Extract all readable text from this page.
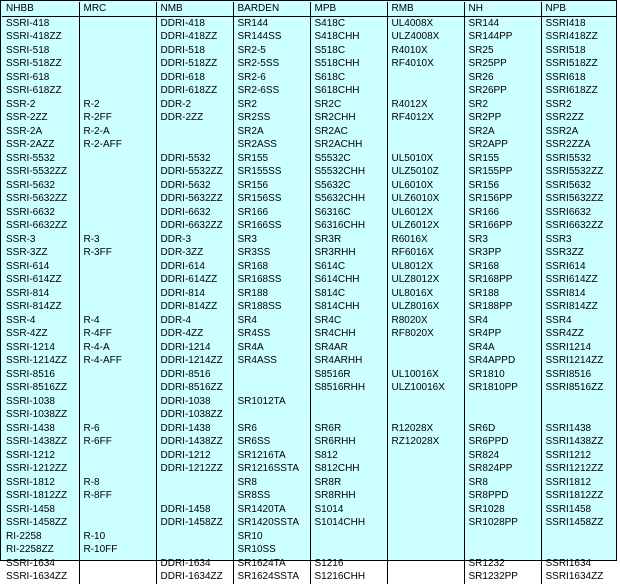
NHBB	MRC	NMB	BARDEN	MPB	RMB	NH	NPB
SSRI-418		DDRI-418	SR144	S418C	UL4008X	SR144	SSRI418
SSRI-418ZZ		DDRI-418ZZ	SR144SS	S418CHH	ULZ4008X	SR144PP	SSRI418ZZ
SSRI-518		DDRI-518	SR2-5	S518C	R4010X	SR25	SSRI518
SSRI-518ZZ		DDRI-518ZZ	SR2-5SS	S518CHH	RF4010X	SR25PP	SSRI518ZZ
SSRI-618		DDRI-618	SR2-6	S618C		SR26	SSRI618
SSRI-618ZZ		DDRI-618ZZ	SR2-6SS	S618CHH		SR26PP	SSRI618ZZ
SSR-2	R-2	DDR-2	SR2	SR2C	R4012X	SR2	SSR2
SSR-2ZZ	R-2FF	DDR-2ZZ	SR2SS	SR2CHH	RF4012X	SR2PP	SSR2ZZ
SSR-2A	R-2-A		SR2A	SR2AC		SR2A	SSR2A
SSR-2AZZ	R-2-AFF		SR2ASS	SR2ACHH		SR2APP	SSR2ZZA
SSRI-5532		DDRI-5532	SR155	S5532C	UL5010X	SR155	SSRI5532
SSRI-5532ZZ		DDRI-5532ZZ	SR155SS	S5532CHH	ULZ5010Z	SR155PP	SSRI5532ZZ
SSRI-5632		DDRI-5632	SR156	S5632C	UL6010X	SR156	SSRI5632
SSRI-5632ZZ		DDRI-5632ZZ	SR156SS	S5632CHH	ULZ6010X	SR156PP	SSRI5632ZZ
SSRI-6632		DDRI-6632	SR166	S6316C	UL6012X	SR166	SSRI6632
SSRI-6632ZZ		DDRI-6632ZZ	SR166SS	S6316CHH	ULZ6012X	SR166PP	SSRI6632ZZ
SSR-3	R-3	DDR-3	SR3	SR3R	R6016X	SR3	SSR3
SSR-3ZZ	R-3FF	DDR-3ZZ	SR3SS	SR3RHH	RF6016X	SR3PP	SSR3ZZ
SSRI-614		DDRI-614	SR168	S614C	UL8012X	SR168	SSRI614
SSRI-614ZZ		DDRI-614ZZ	SR168SS	S614CHH	ULZ8012X	SR168PP	SSRI614ZZ
SSRI-814		DDRI-814	SR188	S814C	UL8016X	SR188	SSRI814
SSRI-814ZZ		DDRI-814ZZ	SR188SS	S814CHH	ULZ8016X	SR188PP	SSRI814ZZ
SSR-4	R-4	DDR-4	SR4	SR4C	R8020X	SR4	SSR4
SSR-4ZZ	R-4FF	DDR-4ZZ	SR4SS	SR4CHH	RF8020X	SR4PP	SSR4ZZ
SSRI-1214	R-4-A	DDRI-1214	SR4A	SR4AR		SR4A	SSRI1214
SSRI-1214ZZ	R-4-AFF	DDRI-1214ZZ	SR4ASS	SR4ARHH		SR4APPD	SSRI1214ZZ
SSRI-8516		DDRI-8516		S8516R	UL10016X	SR1810	SSRI8516
SSRI-8516ZZ		DDRI-8516ZZ		S8516RHH	ULZ10016X	SR1810PP	SSRI8516ZZ
SSRI-1038		DDRI-1038	SR1012TA				
SSRI-1038ZZ		DDRI-1038ZZ					
SSRI-1438	R-6	DDRI-1438	SR6	SR6R	R12028X	SR6D	SSRI1438
SSRI-1438ZZ	R-6FF	DDRI-1438ZZ	SR6SS	SR6RHH	RZ12028X	SR6PPD	SSRI1438ZZ
SSRI-1212		DDRI-1212	SR1216TA	S812		SR824	SSRI1212
SSRI-1212ZZ		DDRI-1212ZZ	SR1216SSTA	S812CHH		SR824PP	SSRI1212ZZ
SSRI-1812	R-8		SR8	SR8R		SR8	SSRI1812
SSRI-1812ZZ	R-8FF		SR8SS	SR8RHH		SR8PPD	SSRI1812ZZ
SSRI-1458		DDRI-1458	SR1420TA	S1014		SR1028	SSRI1458
SSRI-1458ZZ		DDRI-1458ZZ	SR1420SSTA	S1014CHH		SR1028PP	SSRI1458ZZ
RI-2258	R-10		SR10				
RI-2258ZZ	R-10FF		SR10SS				
SSRI-1634		DDRI-1634	SR1624TA	S1216		SR1232	SSRI1634
SSRI-1634ZZ		DDRI-1634ZZ	SR1624SSTA	S1216CHH		SR1232PP	SSRI1634ZZ
